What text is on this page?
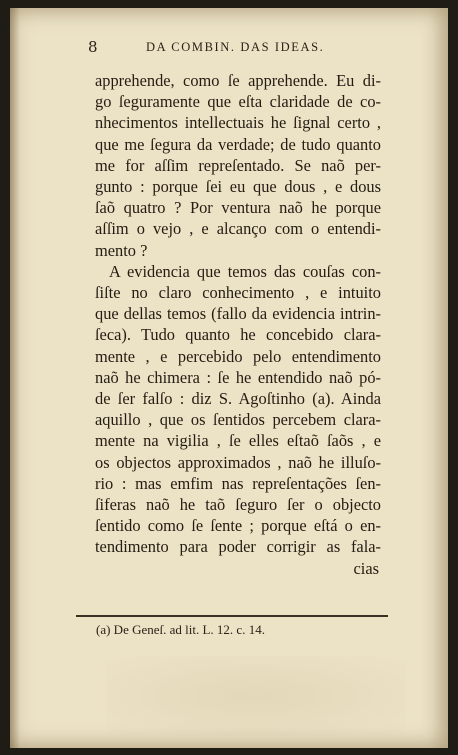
8	DA COMBIN. DAS IDEAS.
apprehende, como ſe apprehende. Eu di-
go ſeguramente que eſta claridade de co-
nhecimentos intellectuais he ſignal certo ,
que me ſegura da verdade; de tudo quanto
me for aſſim repreſentado. Se naõ per-
gunto : porque ſei eu que dous , e dous
ſaõ quatro ? Por ventura naõ he porque
aſſim o vejo , e alcanço com o entendi-
mento ?
A evidencia que temos das couſas con-
ſiſte no claro conhecimento , e intuito
que dellas temos (fallo da evidencia intrin-
ſeca). Tudo quanto he concebido clara-
mente , e percebido pelo entendimento
naõ he chimera : ſe he entendido naõ pó-
de ſer falſo : diz S. Agoſtinho (a). Ainda
aquillo , que os ſentidos percebem clara-
mente na vigilia , ſe elles eſtaõ ſaõs , e
os objectos approximados , naõ he illuſo-
rio : mas emfim nas repreſentações ſen-
ſiferas naõ he taõ ſeguro ſer o objecto
ſentido como ſe ſente ; porque eſtá o en-
tendimento para poder corrigir as fala-
cias
(a) De Geneſ. ad lit. L. 12. c. 14.
